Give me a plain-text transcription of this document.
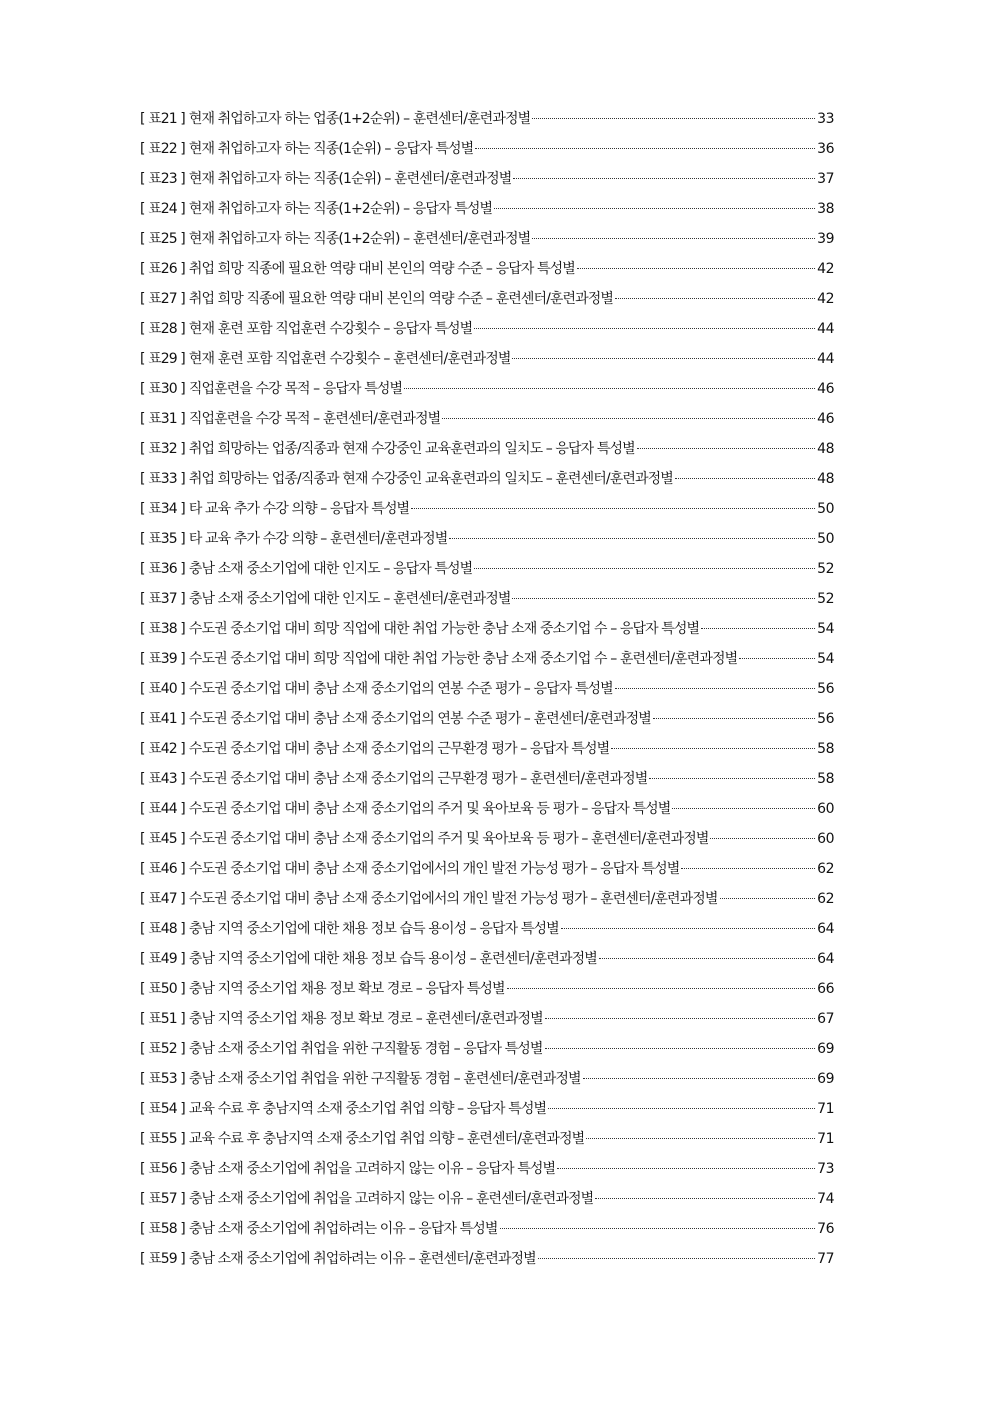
[ 표21 ] 현재 취업하고자 하는 업종(1+2순위) – 훈련센터/훈련과정별	33
[ 표22 ] 현재 취업하고자 하는 직종(1순위) – 응답자 특성별	36
[ 표23 ] 현재 취업하고자 하는 직종(1순위) – 훈련센터/훈련과정별	37
[ 표24 ] 현재 취업하고자 하는 직종(1+2순위) – 응답자 특성별	38
[ 표25 ] 현재 취업하고자 하는 직종(1+2순위) – 훈련센터/훈련과정별	39
[ 표26 ] 취업 희망 직종에 필요한 역량 대비 본인의 역량 수준 – 응답자 특성별	42
[ 표27 ] 취업 희망 직종에 필요한 역량 대비 본인의 역량 수준 – 훈련센터/훈련과정별	42
[ 표28 ] 현재 훈련 포함 직업훈련 수강횟수 – 응답자 특성별	44
[ 표29 ] 현재 훈련 포함 직업훈련 수강횟수 – 훈련센터/훈련과정별	44
[ 표30 ] 직업훈련을 수강 목적 – 응답자 특성별	46
[ 표31 ] 직업훈련을 수강 목적 – 훈련센터/훈련과정별	46
[ 표32 ] 취업 희망하는 업종/직종과 현재 수강중인 교육훈련과의 일치도 – 응답자 특성별	48
[ 표33 ] 취업 희망하는 업종/직종과 현재 수강중인 교육훈련과의 일치도 – 훈련센터/훈련과정별	48
[ 표34 ] 타 교육 추가 수강 의향 – 응답자 특성별	50
[ 표35 ] 타 교육 추가 수강 의향 – 훈련센터/훈련과정별	50
[ 표36 ] 충남 소재 중소기업에 대한 인지도 – 응답자 특성별	52
[ 표37 ] 충남 소재 중소기업에 대한 인지도 – 훈련센터/훈련과정별	52
[ 표38 ] 수도권 중소기업 대비 희망 직업에 대한 취업 가능한 충남 소재 중소기업 수 – 응답자 특성별	54
[ 표39 ] 수도권 중소기업 대비 희망 직업에 대한 취업 가능한 충남 소재 중소기업 수 – 훈련센터/훈련과정별	54
[ 표40 ] 수도권 중소기업 대비 충남 소재 중소기업의 연봉 수준 평가 – 응답자 특성별	56
[ 표41 ] 수도권 중소기업 대비 충남 소재 중소기업의 연봉 수준 평가 – 훈련센터/훈련과정별	56
[ 표42 ] 수도권 중소기업 대비 충남 소재 중소기업의 근무환경 평가 – 응답자 특성별	58
[ 표43 ] 수도권 중소기업 대비 충남 소재 중소기업의 근무환경 평가 – 훈련센터/훈련과정별	58
[ 표44 ] 수도권 중소기업 대비 충남 소재 중소기업의 주거 및 육아보육 등 평가 – 응답자 특성별	60
[ 표45 ] 수도권 중소기업 대비 충남 소재 중소기업의 주거 및 육아보육 등 평가 – 훈련센터/훈련과정별	60
[ 표46 ] 수도권 중소기업 대비 충남 소재 중소기업에서의 개인 발전 가능성 평가 – 응답자 특성별	62
[ 표47 ] 수도권 중소기업 대비 충남 소재 중소기업에서의 개인 발전 가능성 평가 – 훈련센터/훈련과정별	62
[ 표48 ] 충남 지역 중소기업에 대한 채용 정보 습득 용이성 – 응답자 특성별	64
[ 표49 ] 충남 지역 중소기업에 대한 채용 정보 습득 용이성 – 훈련센터/훈련과정별	64
[ 표50 ] 충남 지역 중소기업 채용 정보 확보 경로 – 응답자 특성별	66
[ 표51 ] 충남 지역 중소기업 채용 정보 확보 경로 – 훈련센터/훈련과정별	67
[ 표52 ] 충남 소재 중소기업 취업을 위한 구직활동 경험 – 응답자 특성별	69
[ 표53 ] 충남 소재 중소기업 취업을 위한 구직활동 경험 – 훈련센터/훈련과정별	69
[ 표54 ] 교육 수료 후 충남지역 소재 중소기업 취업 의향 – 응답자 특성별	71
[ 표55 ] 교육 수료 후 충남지역 소재 중소기업 취업 의향 – 훈련센터/훈련과정별	71
[ 표56 ] 충남 소재 중소기업에 취업을 고려하지 않는 이유 – 응답자 특성별	73
[ 표57 ] 충남 소재 중소기업에 취업을 고려하지 않는 이유 – 훈련센터/훈련과정별	74
[ 표58 ] 충남 소재 중소기업에 취업하려는 이유 – 응답자 특성별	76
[ 표59 ] 충남 소재 중소기업에 취업하려는 이유 – 훈련센터/훈련과정별	77
